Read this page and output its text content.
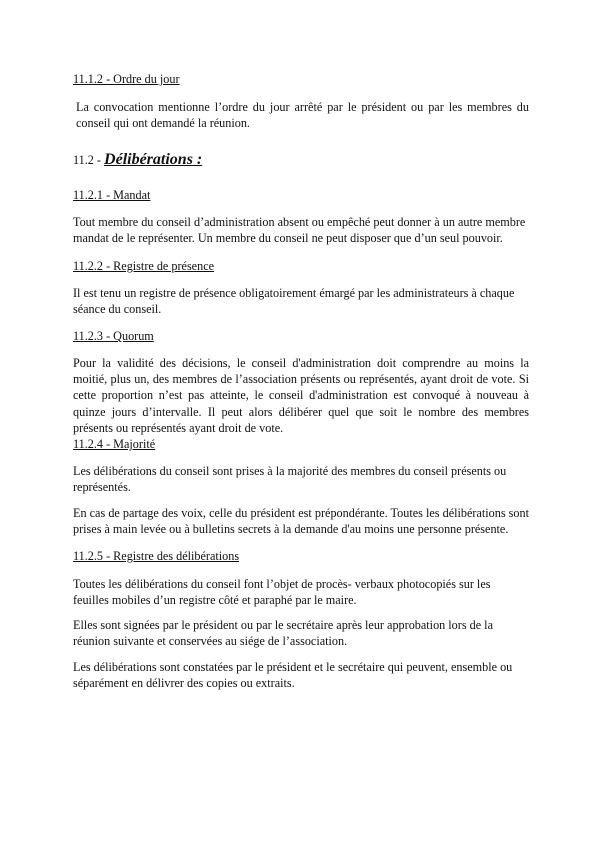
11.1.2 - Ordre du jour

La convocation mentionne l’ordre du jour arrêté par le président ou par les membres du conseil qui ont demandé la réunion.

11.2 - Délibérations :
11.2.1 - Mandat

Tout membre du conseil d’administration absent ou empêché peut donner à un autre membre mandat de le représenter. Un membre du conseil ne peut disposer que d’un seul pouvoir.

11.2.2 - Registre de présence

Il est tenu un registre de présence obligatoirement émargé par les administrateurs à chaque séance du conseil.

11.2.3 - Quorum

Pour la validité des décisions, le conseil d'administration doit comprendre au moins la moitié, plus un, des membres de l’association présents ou représentés, ayant droit de vote. Si cette proportion n’est pas atteinte, le conseil d'administration est convoqué à nouveau à quinze jours d’intervalle. Il peut alors délibérer quel que soit le nombre des membres présents ou représentés ayant droit de vote.

11.2.4 - Majorité

Les délibérations du conseil sont prises à la majorité des membres du conseil présents ou représentés.

En cas de partage des voix, celle du président est prépondérante. Toutes les délibérations sont prises à main levée ou à bulletins secrets à la demande d'au moins une personne présente.

11.2.5 - Registre des délibérations

Toutes les délibérations du conseil font l’objet de procès- verbaux photocopiés sur les feuilles mobiles d’un registre côté et paraphé par le maire.

Elles sont signées par le président ou par le secrétaire après leur approbation lors de la réunion suivante et conservées au siége de l’association.

Les délibérations sont constatées par le président et le secrétaire qui peuvent, ensemble ou séparément en délivrer des copies ou extraits.
